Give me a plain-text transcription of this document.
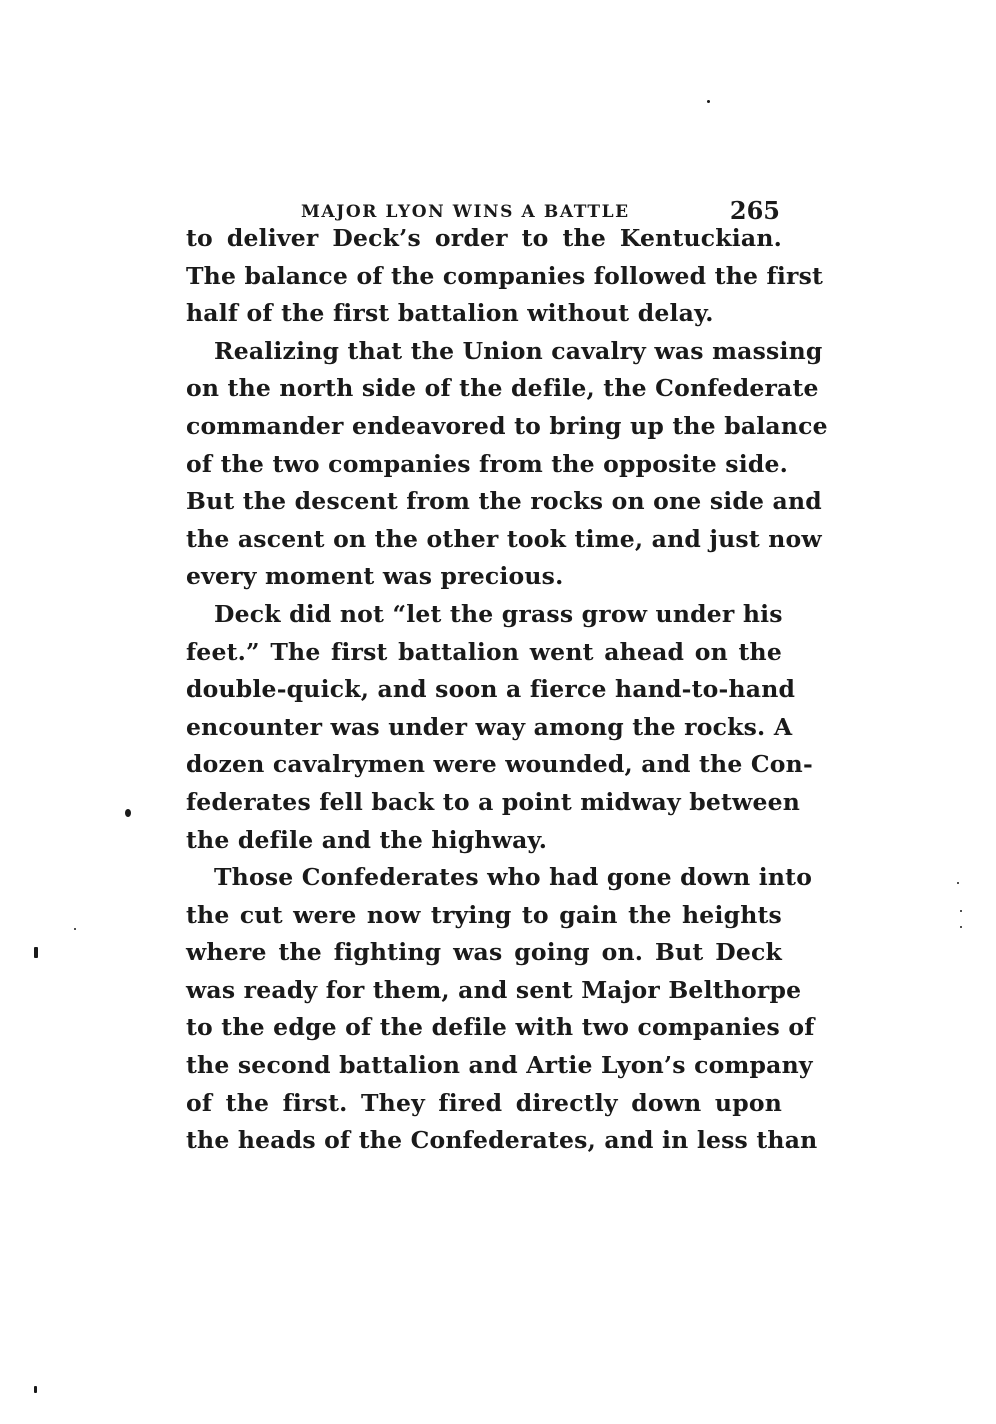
MAJOR LYON WINS A BATTLE	265

to deliver Deck’s order to the Kentuckian.
The balance of the companies followed the first
half of the first battalion without delay.

Realizing that the Union cavalry was massing
on the north side of the defile, the Confederate
commander endeavored to bring up the balance
of the two companies from the opposite side.
But the descent from the rocks on one side and
the ascent on the other took time, and just now
every moment was precious.

Deck did not “let the grass grow under his
feet.” The first battalion went ahead on the
double-quick, and soon a fierce hand-to-hand
encounter was under way among the rocks. A
dozen cavalrymen were wounded, and the Con-
federates fell back to a point midway between
the defile and the highway.

Those Confederates who had gone down into
the cut were now trying to gain the heights
where the fighting was going on. But Deck
was ready for them, and sent Major Belthorpe
to the edge of the defile with two companies of
the second battalion and Artie Lyon’s company
of the first. They fired directly down upon
the heads of the Confederates, and in less than
